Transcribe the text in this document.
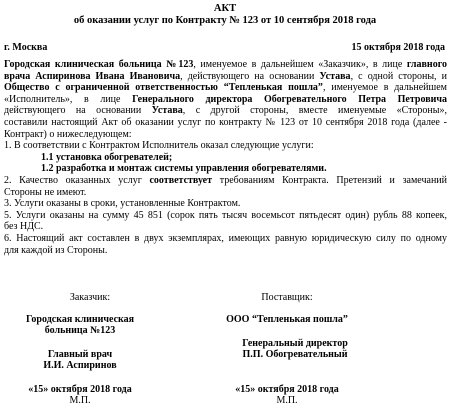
АКТ
об оказании услуг по Контракту № 123 от 10 сентября 2018 года
г. Москва	15 октября 2018 года
Городская клиническая больница №123, именуемое в дальнейшем «Заказчик», в лице главного
врача Аспиринова Ивана Ивановича, действующего на основании Устава, с одной стороны, и
Общество с ограниченной ответственностью “Тепленькая пошла”, именуемое в дальнейшем
«Исполнитель», в лице Генерального директора Обогревательного Петра Петровича
действующего на основании Устава, с другой стороны, вместе именуемые «Стороны»,
составили настоящий Акт об оказании услуг по контракту № 123 от 10 сентября 2018 года (далее -
Контракт) о нижеследующем:
1. В соответствии с Контрактом Исполнитель оказал следующие услуги:
1.1 установка обогревателей;
1.2 разработка и монтаж системы управления обогревателями.
2. Качество оказанных услуг соответствует требованиям Контракта. Претензий и замечаний
Стороны не имеют.
3. Услуги оказаны в сроки, установленные Контрактом.
5. Услуги оказаны на сумму 45 851 (сорок пять тысяч восемьсот пятьдесят один) рубль 88 копеек,
без НДС.
6. Настоящий акт составлен в двух экземплярах, имеющих равную юридическую силу по одному
для каждой из Стороны.
Заказчик:
Городская клиническая
больница №123
Главный врач
И.И. Аспиринов
«15» октября 2018 года
М.П.
Поставщик:
ООО “Тепленькая пошла”
Генеральный директор
П.П. Обогревательный
«15» октября 2018 года
М.П.
